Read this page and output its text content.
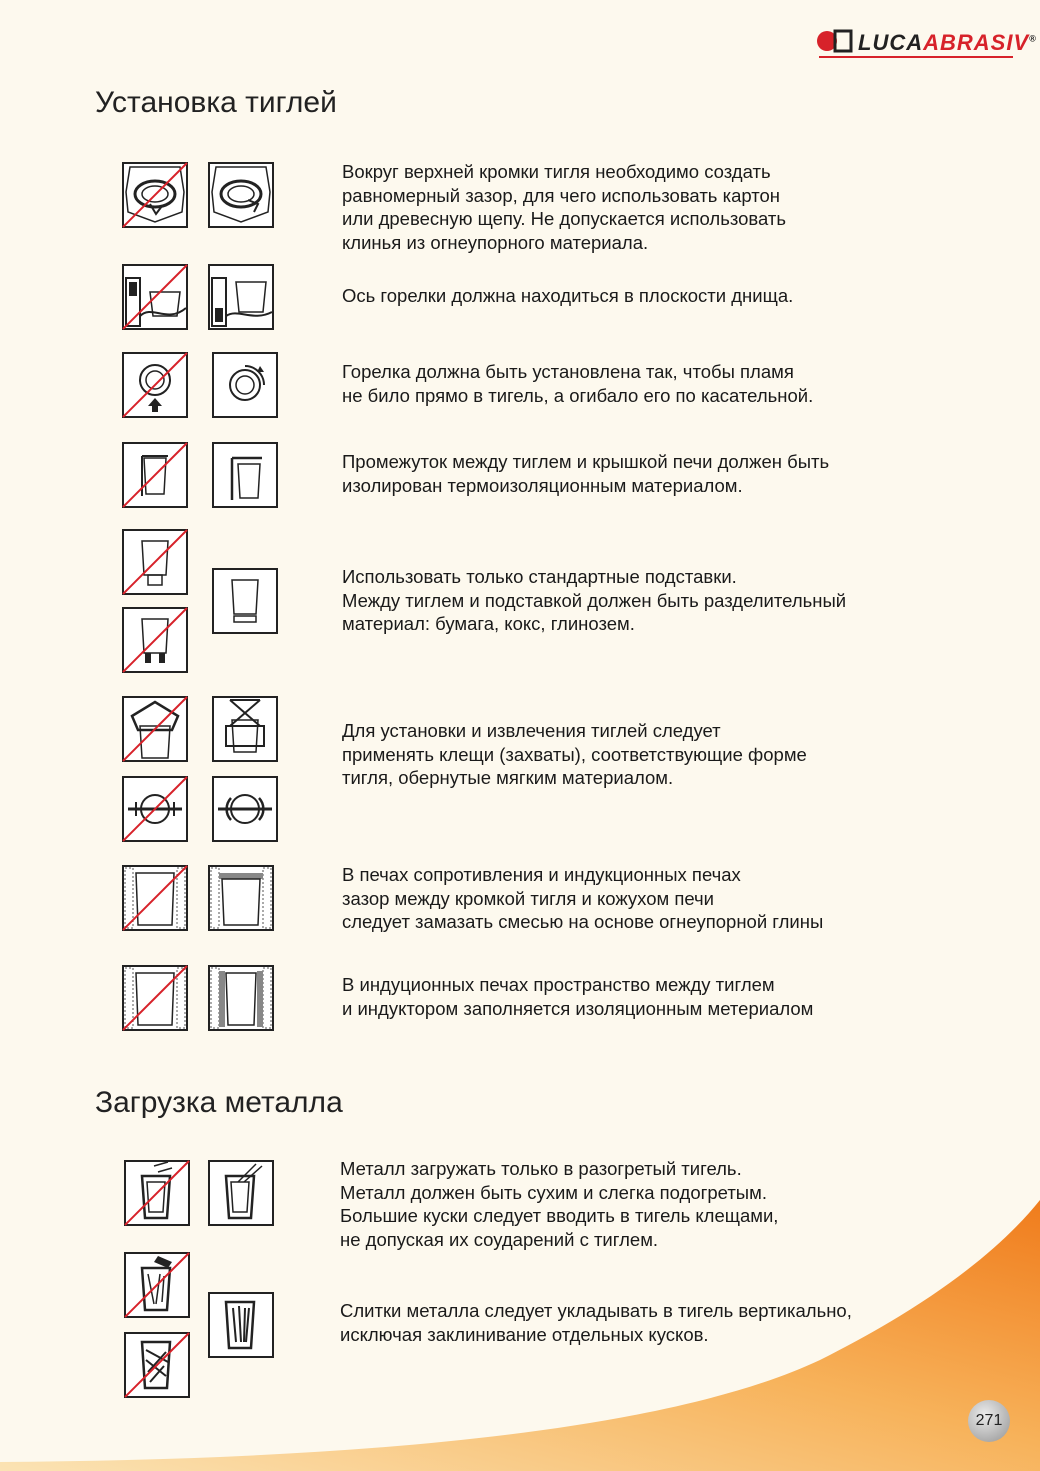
LUCAABRASIV®
Установка тиглей
Вокруг верхней кромки тигля необходимо создать
равномерный зазор, для чего использовать картон
или древесную щепу. Не допускается использовать
клинья из огнеупорного материала.
Ось горелки должна находиться в плоскости днища.
Горелка должна быть установлена так, чтобы пламя
не било прямо в тигель, а огибало его по касательной.
Промежуток между тиглем и крышкой печи должен быть
изолирован термоизоляционным материалом.
Использовать только стандартные подставки.
Между тиглем и подставкой должен быть разделительный
материал: бумага, кокс, глинозем.
Для установки и извлечения тиглей следует
применять клещи (захваты), соответствующие форме
тигля, обернутые мягким материалом.
В печах сопротивления и индукционных печах
зазор между кромкой тигля и кожухом печи
следует замазать смесью на основе огнеупорной глины
В индуционных печах пространство между тиглем
и индуктором заполняется изоляционным метериалом
Загрузка металла
Металл загружать только в разогретый тигель.
Металл должен быть сухим и слегка подогретым.
Большие куски следует вводить в тигель клещами,
не допуская их соударений с тиглем.
Слитки металла следует укладывать в тигель вертикально,
исключая заклинивание отдельных кусков.
271
